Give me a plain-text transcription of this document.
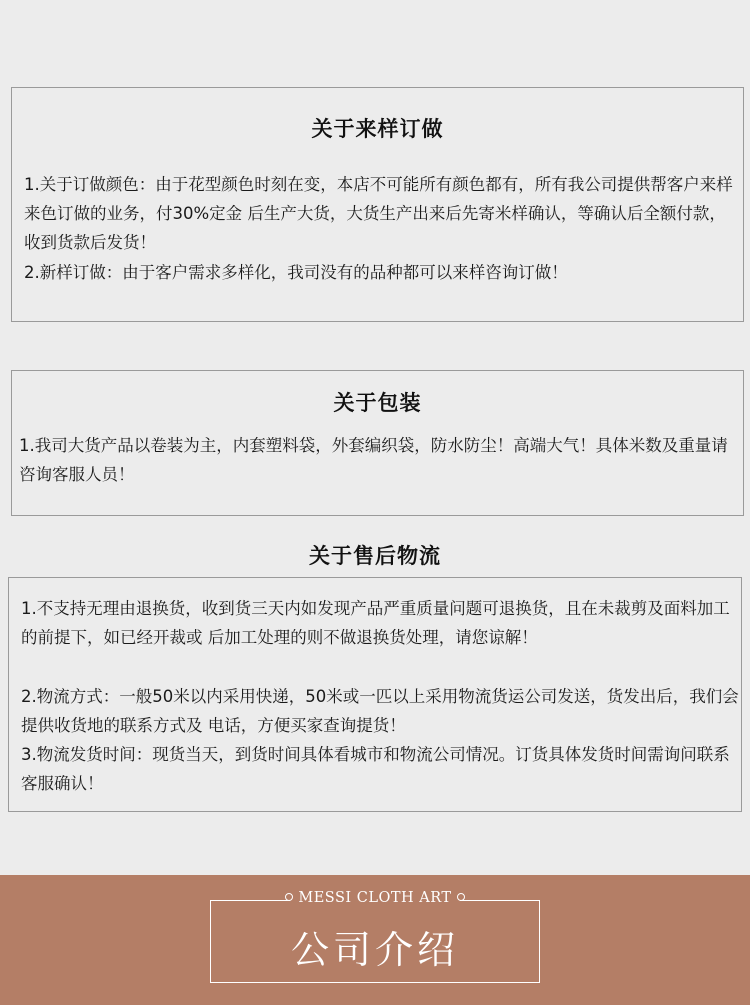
关于来样订做

1.关于订做颜色：由于花型颜色时刻在变，本店不可能所有颜色都有，所有我公司提供帮客户来样来色订做的业务，付30%定金 后生产大货，大货生产出来后先寄米样确认，等确认后全额付款，收到货款后发货！

2.新样订做：由于客户需求多样化，我司没有的品种都可以来样咨询订做！

关于包装

1.我司大货产品以卷装为主，内套塑料袋，外套编织袋，防水防尘！高端大气！具体米数及重量请咨询客服人员！

关于售后物流

1.不支持无理由退换货，收到货三天内如发现产品严重质量问题可退换货，且在未裁剪及面料加工的前提下，如已经开裁或 后加工处理的则不做退换货处理，请您谅解！

2.物流方式：一般50米以内采用快递，50米或一匹以上采用物流货运公司发送，货发出后，我们会提供收货地的联系方式及 电话，方便买家查询提货！

3.物流发货时间：现货当天，到货时间具体看城市和物流公司情况。订货具体发货时间需询问联系客服确认！

MESSI CLOTH ART
公司介绍
